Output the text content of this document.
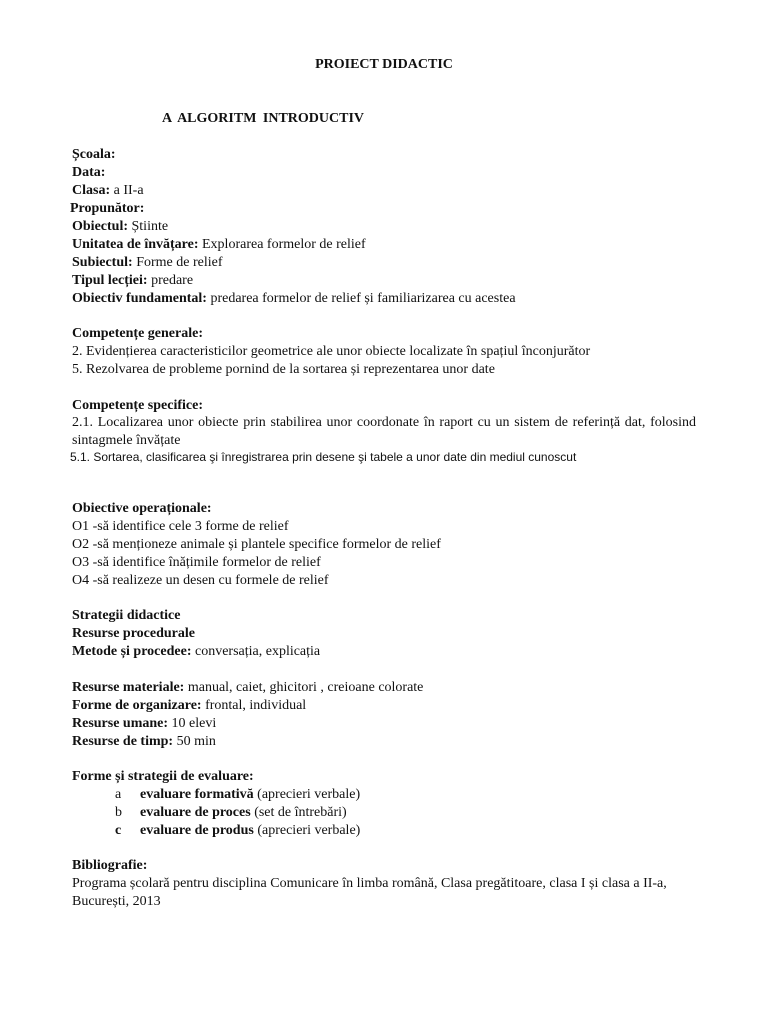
PROIECT DIDACTIC
A ALGORITM INTRODUCTIV
Școala:
Data:
Clasa: a II-a
Propunător:
Obiectul: Știinte
Unitatea de învățare: Explorarea formelor de relief
Subiectul: Forme de relief
Tipul lecției: predare
Obiectiv fundamental: predarea formelor de relief și familiarizarea cu acestea
Competențe generale:
2. Evidențierea caracteristicilor geometrice ale unor obiecte localizate în spațiul înconjurător
5. Rezolvarea de probleme pornind de la sortarea și reprezentarea unor date
Competențe specifice:
2.1. Localizarea unor obiecte prin stabilirea unor coordonate în raport cu un sistem de referință dat, folosind sintagmele învățate
5.1. Sortarea, clasificarea şi înregistrarea prin desene şi tabele a unor date din mediul cunoscut
Obiective operaționale:
O1 -să identifice cele 3 forme de relief
O2 -să menționeze animale și plantele specifice formelor de relief
O3 -să identifice înățimile formelor de relief
O4 -să realizeze un desen cu formele de relief
Strategii didactice
Resurse procedurale
Metode și procedee: conversația, explicația
Resurse materiale: manual, caiet, ghicitori , creioane colorate
Forme de organizare: frontal, individual
Resurse umane: 10 elevi
Resurse de timp: 50 min
Forme și strategii de evaluare:
a evaluare formativă (aprecieri verbale)
b evaluare de proces (set de întrebări)
c evaluare de produs (aprecieri verbale)
Bibliografie:
Programa școlară pentru disciplina Comunicare în limba română, Clasa pregătitoare, clasa I și clasa a II-a, București, 2013
